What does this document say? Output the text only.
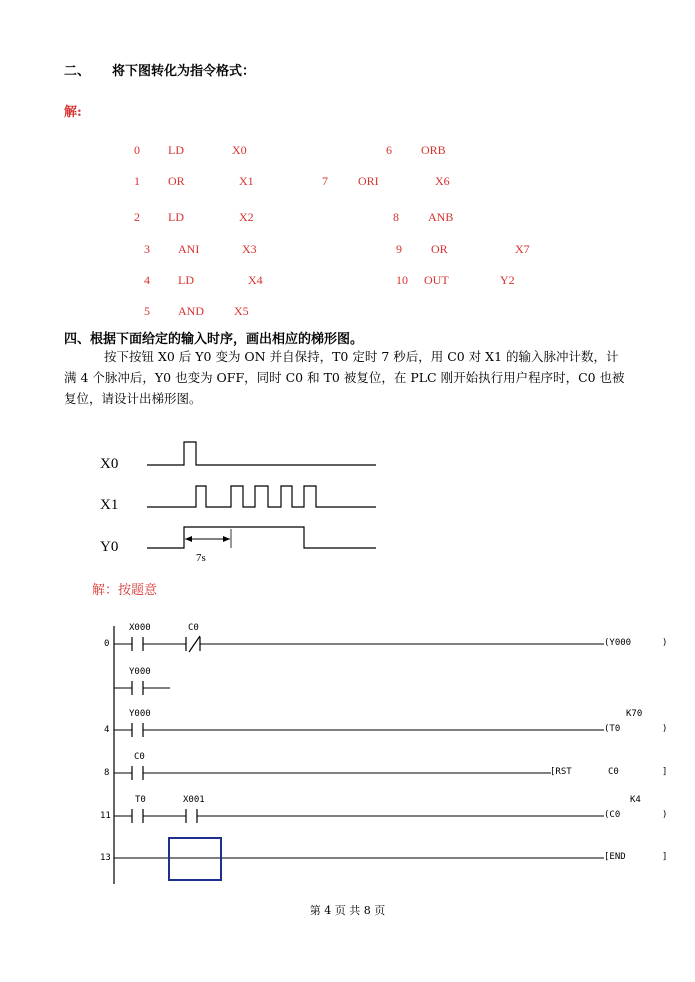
二、 将下图转化为指令格式：
解:
0 LD	X0	6 ORB
1 OR	X1	7	ORI	X6
2 LD	X2	8 ANB
3 ANI	X3	9 OR	X7
4 LD	X4	10 OUT	Y2
5 AND	X5
四、根据下面给定的输入时序，画出相应的梯形图。
按下按钮 X0 后 Y0 变为 ON 并自保持，T0 定时 7 秒后，用 C0 对 X1 的输入脉冲计数，计
满 4 个脉冲后，Y0 也变为 OFF，同时 C0 和 T0 被复位，在 PLC 刚开始执行用户程序时，C0 也被
复位，请设计出梯形图。
X0
X1
Y0
7s
解：按题意
0
X000	C0
(Y000	)
Y000
4
Y000
(T0
K70
)
8
C0
[RST	C0	]
11
T0	X001
(C0
K4
)
13	[END	]
第 4 页 共 8 页
